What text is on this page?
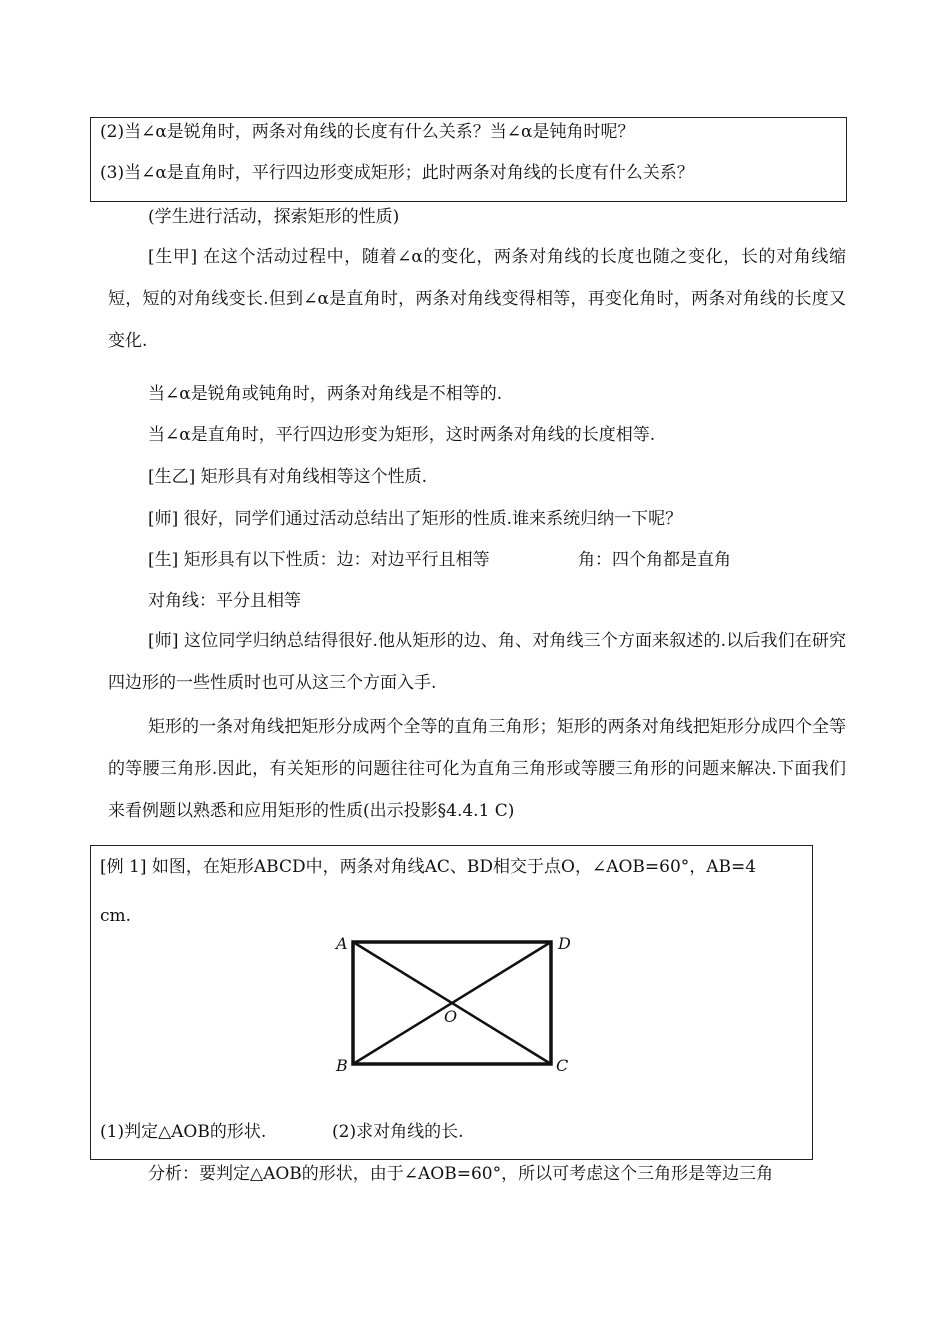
(2)当∠α是锐角时，两条对角线的长度有什么关系？当∠α是钝角时呢？
(3)当∠α是直角时，平行四边形变成矩形；此时两条对角线的长度有什么关系？
(学生进行活动，探索矩形的性质)
[生甲] 在这个活动过程中，随着∠α的变化，两条对角线的长度也随之变化，长的对角线缩短，短的对角线变长.但到∠α是直角时，两条对角线变得相等，再变化角时，两条对角线的长度又变化.
当∠α是锐角或钝角时，两条对角线是不相等的.
当∠α是直角时，平行四边形变为矩形，这时两条对角线的长度相等.
[生乙] 矩形具有对角线相等这个性质.
[师] 很好，同学们通过活动总结出了矩形的性质.谁来系统归纳一下呢？
[生] 矩形具有以下性质：边：对边平行且相等	角：四个角都是直角
对角线：平分且相等
[师] 这位同学归纳总结得很好.他从矩形的边、角、对角线三个方面来叙述的.以后我们在研究四边形的一些性质时也可从这三个方面入手.
矩形的一条对角线把矩形分成两个全等的直角三角形；矩形的两条对角线把矩形分成四个全等的等腰三角形.因此，有关矩形的问题往往可化为直角三角形或等腰三角形的问题来解决.下面我们来看例题以熟悉和应用矩形的性质(出示投影§4.4.1 C)
[例 1] 如图，在矩形ABCD中，两条对角线AC、BD相交于点O，∠AOB=60°，AB=4
cm.
A	D
B	C
O
(1)判定△AOB的形状.	(2)求对角线的长.
分析：要判定△AOB的形状，由于∠AOB=60°，所以可考虑这个三角形是等边三角
